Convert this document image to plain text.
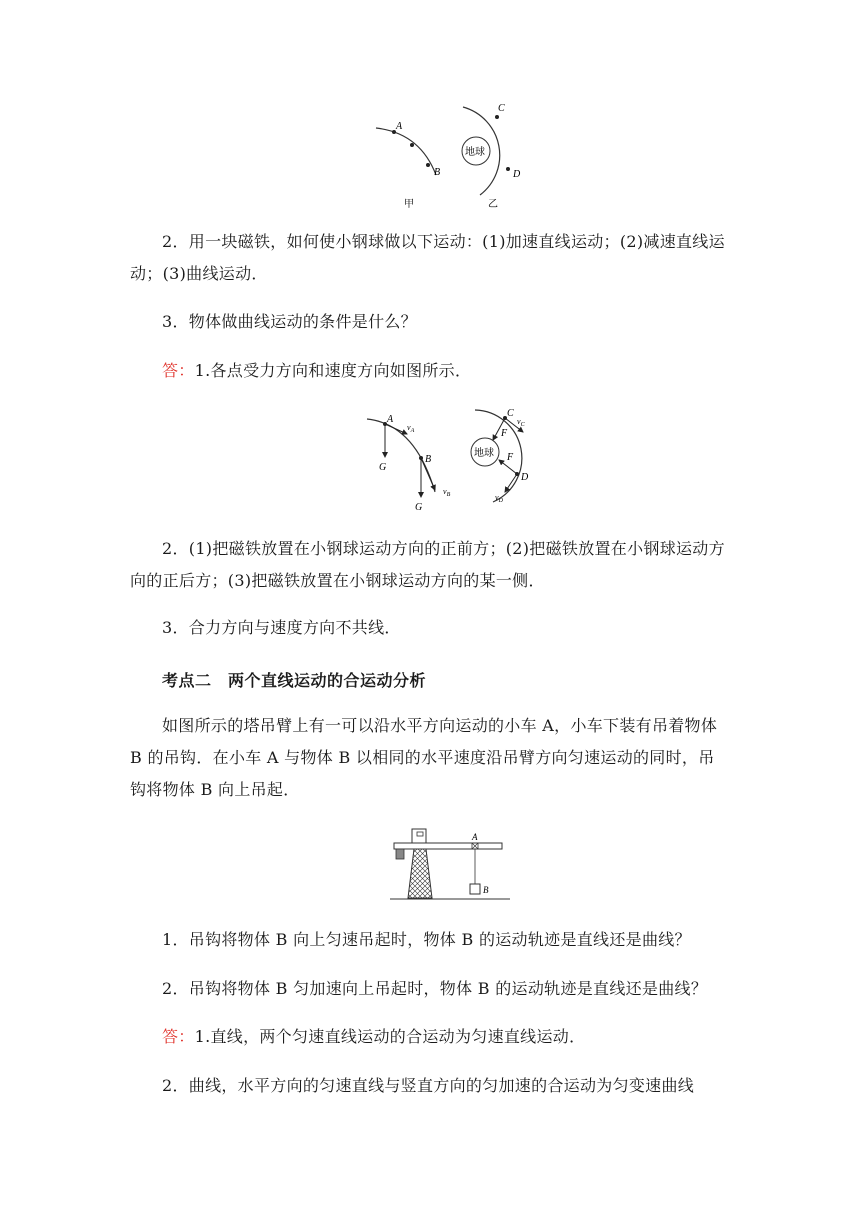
A
B
地球
C
D
甲	乙
2．用一块磁铁，如何使小钢球做以下运动：(1)加速直线运动；(2)减速直线运动；(3)曲线运动．
3．物体做曲线运动的条件是什么？
答：1.各点受力方向和速度方向如图所示．
A
$v_A$
G
B
G
$v_B$
地球
C
$v_C$
F
D
F
$v_D$
2．(1)把磁铁放置在小钢球运动方向的正前方；(2)把磁铁放置在小钢球运动方向的正后方；(3)把磁铁放置在小钢球运动方向的某一侧．
3．合力方向与速度方向不共线．
考点二　两个直线运动的合运动分析
如图所示的塔吊臂上有一可以沿水平方向运动的小车 A，小车下装有吊着物体 B 的吊钩．在小车 A 与物体 B 以相同的水平速度沿吊臂方向匀速运动的同时，吊钩将物体 B 向上吊起．
A
B
1．吊钩将物体 B 向上匀速吊起时，物体 B 的运动轨迹是直线还是曲线？
2．吊钩将物体 B 匀加速向上吊起时，物体 B 的运动轨迹是直线还是曲线？
答：1.直线，两个匀速直线运动的合运动为匀速直线运动．
2．曲线，水平方向的匀速直线与竖直方向的匀加速的合运动为匀变速曲线
